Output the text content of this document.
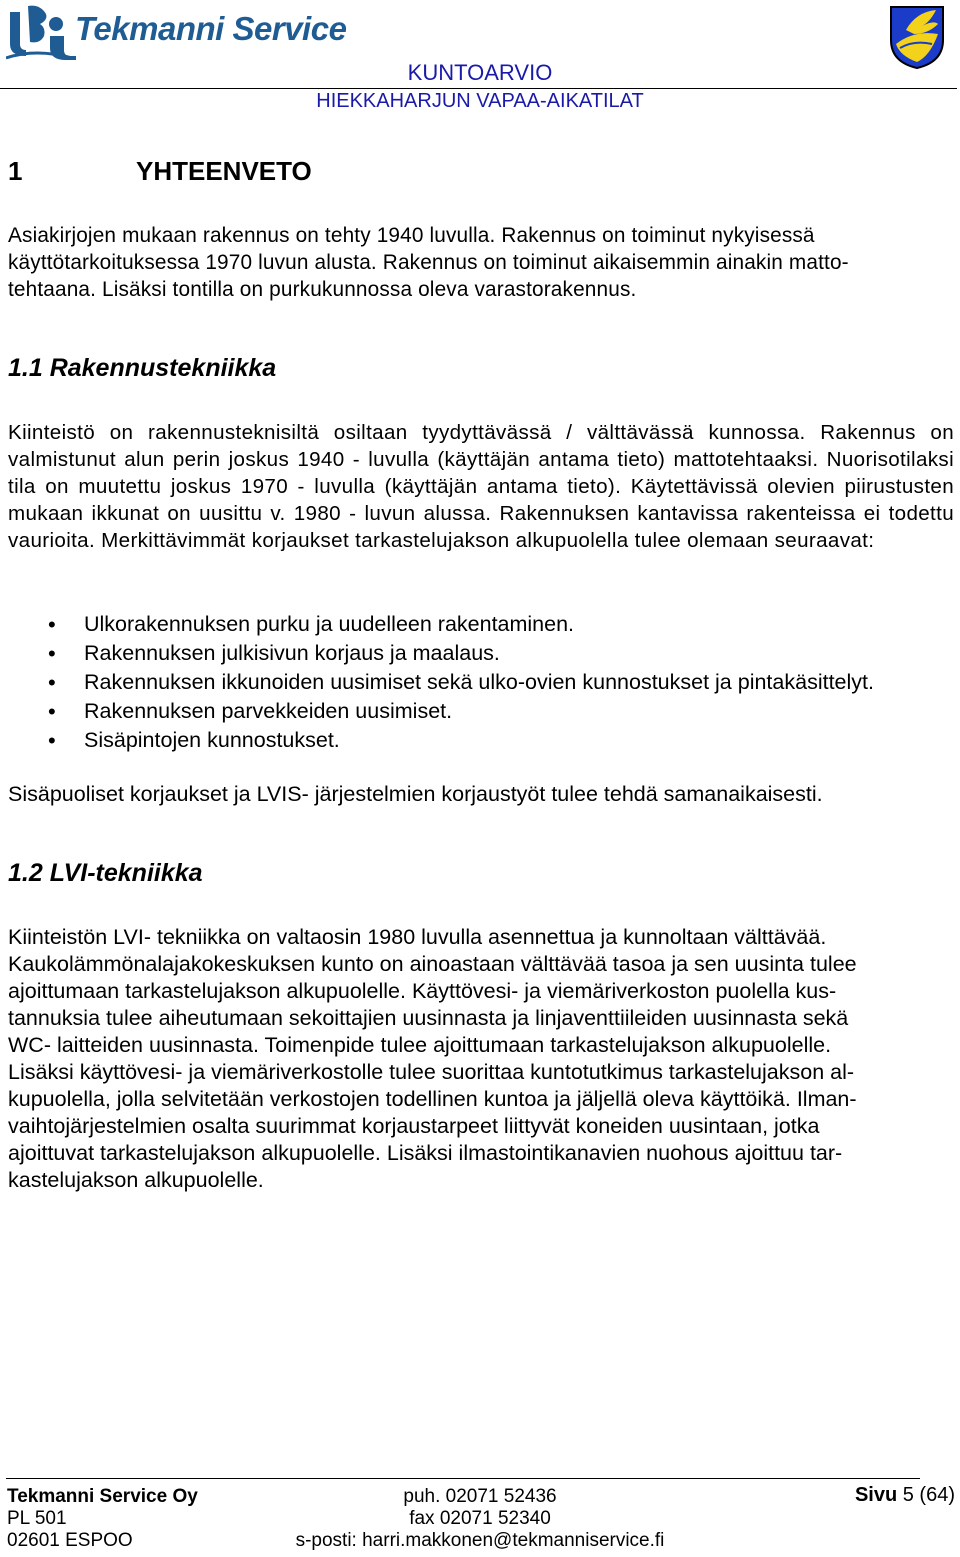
Tekmanni Service
KUNTOARVIO
HIEKKAHARJUN VAPAA-AIKATILAT
1	YHTEENVETO
Asiakirjojen mukaan rakennus on tehty 1940 luvulla. Rakennus on toiminut nykyisessä
käyttötarkoituksessa 1970 luvun alusta. Rakennus on toiminut aikaisemmin ainakin matto-
tehtaana. Lisäksi tontilla on purkukunnossa oleva varastorakennus.
1.1 Rakennustekniikka
Kiinteistö on rakennusteknisiltä osiltaan tyydyttävässä / välttävässä kunnossa. Rakennus on valmistunut alun perin joskus 1940 - luvulla (käyttäjän antama tieto) mattotehtaaksi. Nuorisotilaksi tila on muutettu joskus 1970 - luvulla (käyttäjän antama tieto). Käytettävissä olevien piirustusten mukaan ikkunat on uusittu v. 1980 - luvun alussa. Rakennuksen kantavissa rakenteissa ei todettu vaurioita. Merkittävimmät korjaukset tarkastelujakson alkupuolella tulee olemaan seuraavat:
• Ulkorakennuksen purku ja uudelleen rakentaminen.
• Rakennuksen julkisivun korjaus ja maalaus.
• Rakennuksen ikkunoiden uusimiset sekä ulko-ovien kunnostukset ja pintakäsittelyt.
• Rakennuksen parvekkeiden uusimiset.
• Sisäpintojen kunnostukset.
Sisäpuoliset korjaukset ja LVIS- järjestelmien korjaustyöt tulee tehdä samanaikaisesti.
1.2 LVI-tekniikka
Kiinteistön LVI- tekniikka on valtaosin 1980 luvulla asennettua ja kunnoltaan välttävää.
Kaukolämmönalajakokeskuksen kunto on ainoastaan välttävää tasoa ja sen uusinta tulee
ajoittumaan tarkastelujakson alkupuolelle. Käyttövesi- ja viemäriverkoston puolella kus-
tannuksia tulee aiheutumaan sekoittajien uusinnasta ja linjaventtiileiden uusinnasta sekä
WC- laitteiden uusinnasta. Toimenpide tulee ajoittumaan tarkastelujakson alkupuolelle.
Lisäksi käyttövesi- ja viemäriverkostolle tulee suorittaa kuntotutkimus tarkastelujakson al-
kupuolella, jolla selvitetään verkostojen todellinen kuntoa ja jäljellä oleva käyttöikä. Ilman-
vaihtojärjestelmien osalta suurimmat korjaustarpeet liittyvät koneiden uusintaan, jotka
ajoittuvat tarkastelujakson alkupuolelle. Lisäksi ilmastointikanavien nuohous ajoittuu tar-
kastelujakson alkupuolelle.
Tekmanni Service Oy
PL 501
02601 ESPOO
puh. 02071 52436
fax 02071 52340
s-posti: harri.makkonen@tekmanniservice.fi
Sivu 5 (64)
